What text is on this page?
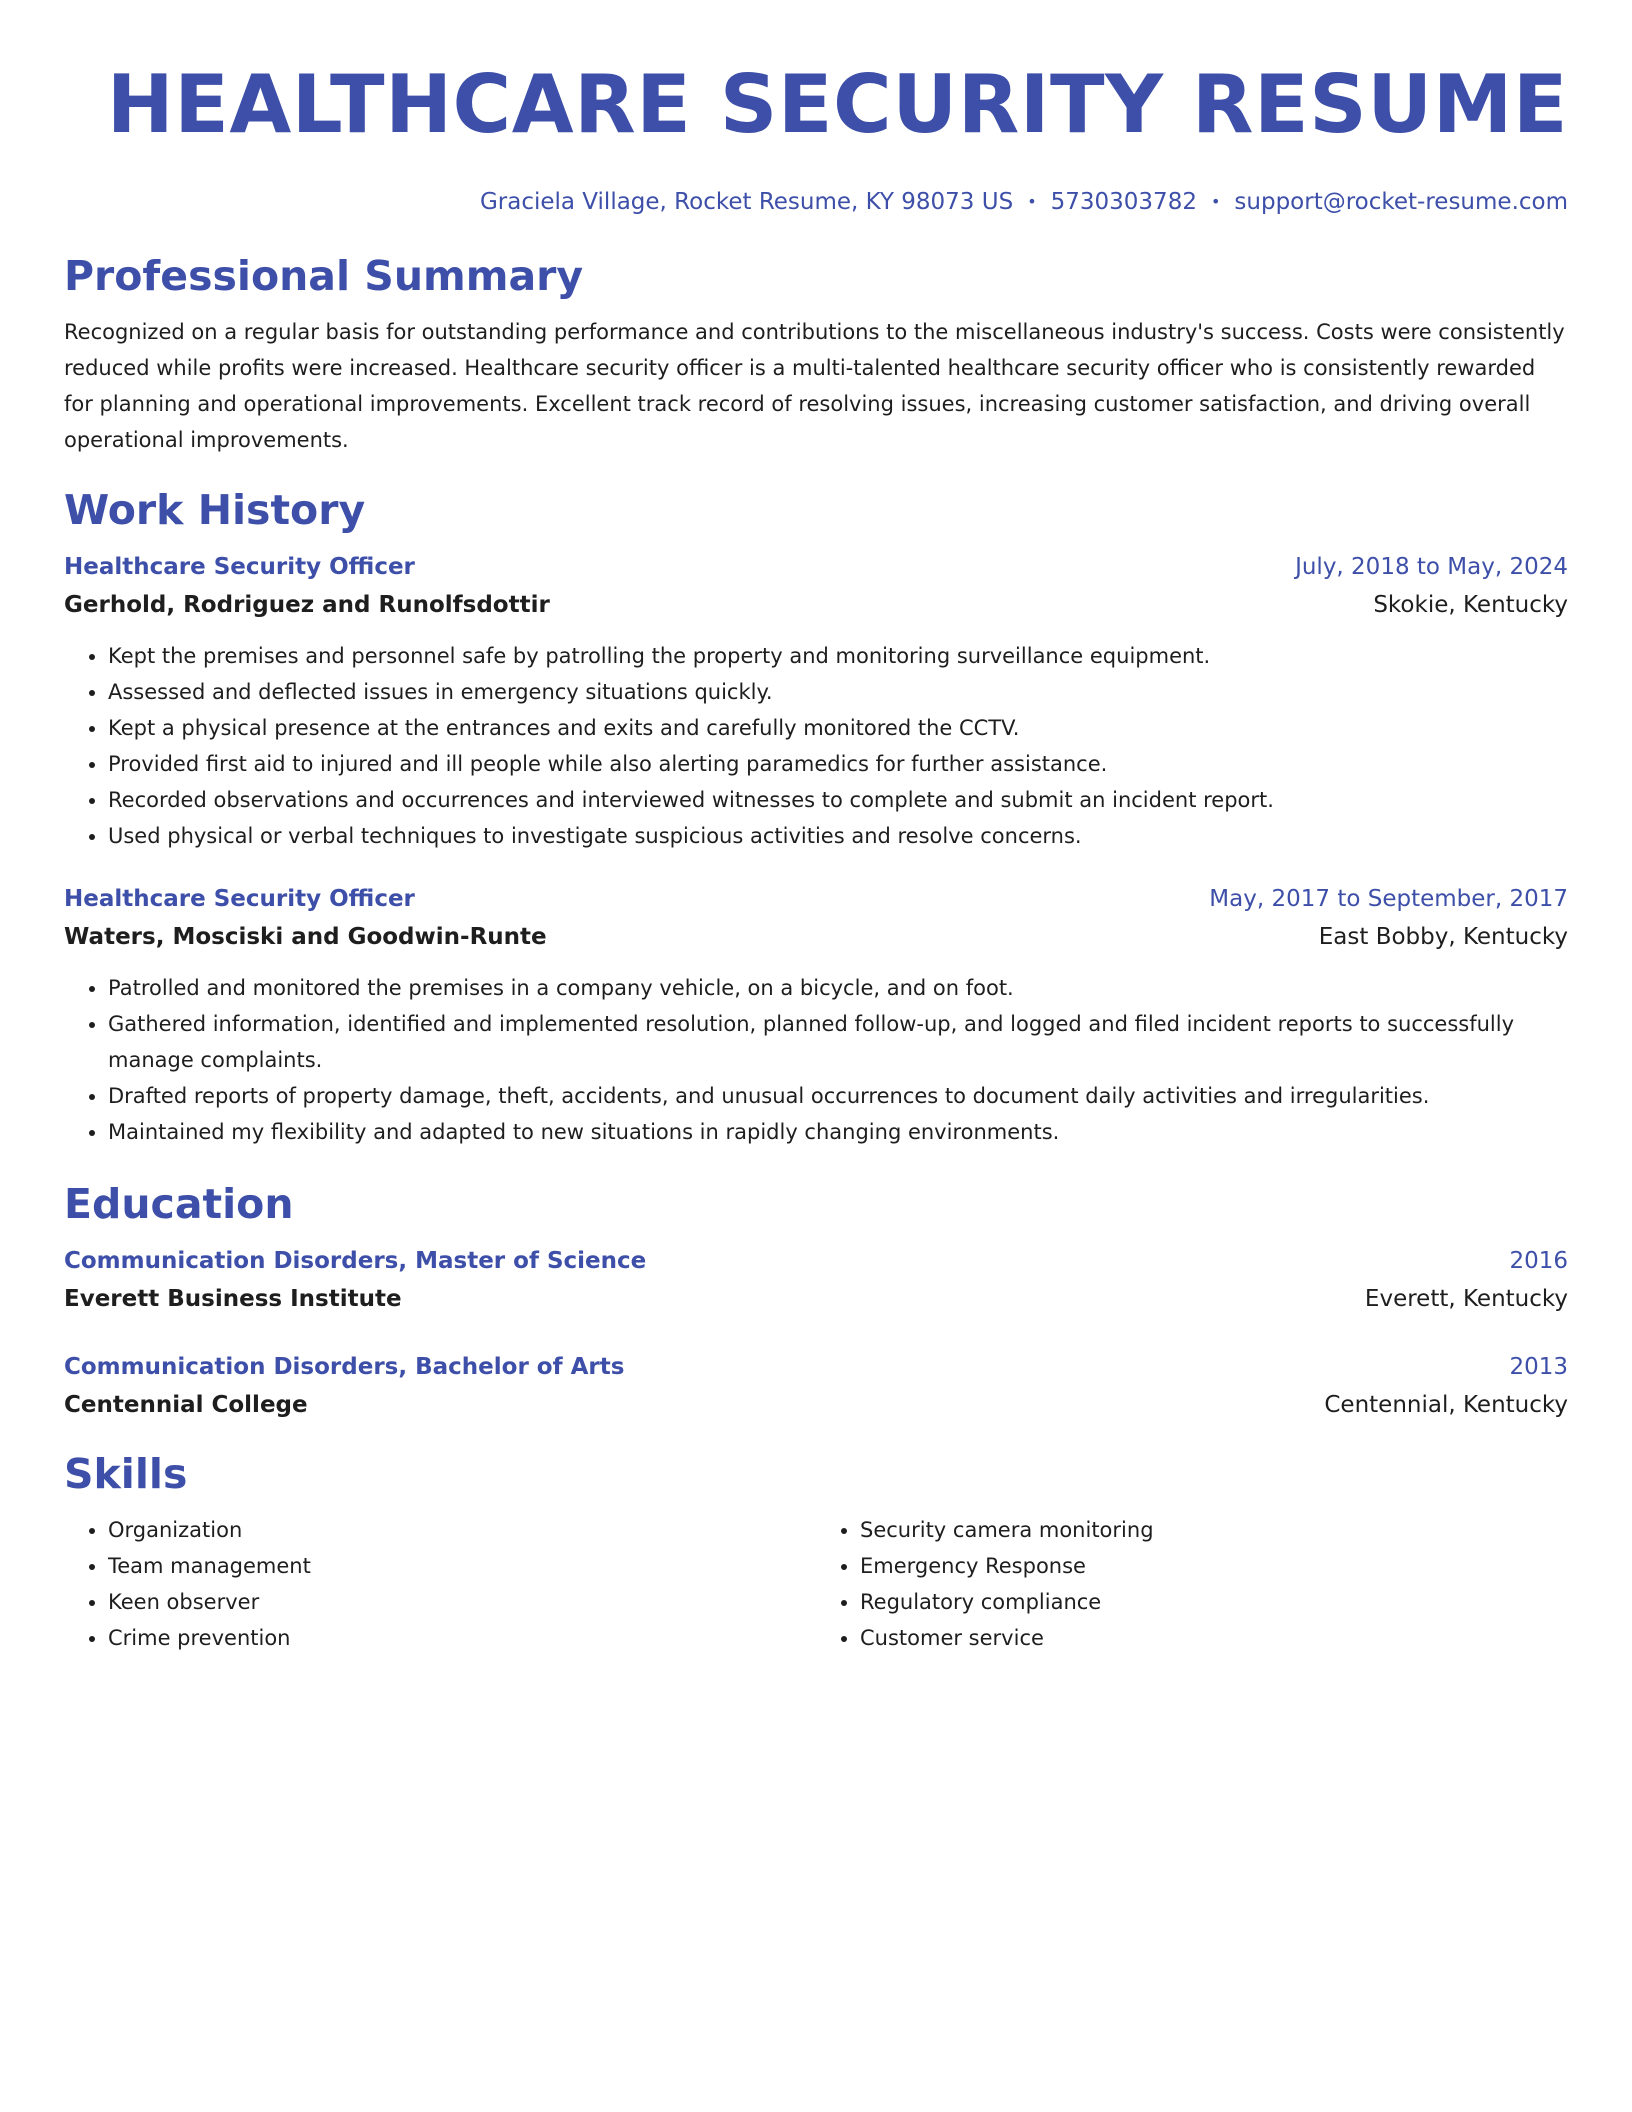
HEALTHCARE SECURITY RESUME
Graciela Village, Rocket Resume, KY 98073 US • 5730303782 • support@rocket-resume.com
Professional Summary
Recognized on a regular basis for outstanding performance and contributions to the miscellaneous industry's success. Costs were consistently reduced while profits were increased. Healthcare security officer is a multi-talented healthcare security officer who is consistently rewarded for planning and operational improvements. Excellent track record of resolving issues, increasing customer satisfaction, and driving overall operational improvements.
Work History
Healthcare Security Officer	July, 2018 to May, 2024
Gerhold, Rodriguez and Runolfsdottir	Skokie, Kentucky
• Kept the premises and personnel safe by patrolling the property and monitoring surveillance equipment.
• Assessed and deflected issues in emergency situations quickly.
• Kept a physical presence at the entrances and exits and carefully monitored the CCTV.
• Provided first aid to injured and ill people while also alerting paramedics for further assistance.
• Recorded observations and occurrences and interviewed witnesses to complete and submit an incident report.
• Used physical or verbal techniques to investigate suspicious activities and resolve concerns.
Healthcare Security Officer	May, 2017 to September, 2017
Waters, Mosciski and Goodwin-Runte	East Bobby, Kentucky
• Patrolled and monitored the premises in a company vehicle, on a bicycle, and on foot.
• Gathered information, identified and implemented resolution, planned follow-up, and logged and filed incident reports to successfully manage complaints.
• Drafted reports of property damage, theft, accidents, and unusual occurrences to document daily activities and irregularities.
• Maintained my flexibility and adapted to new situations in rapidly changing environments.
Education
Communication Disorders, Master of Science	2016
Everett Business Institute	Everett, Kentucky
Communication Disorders, Bachelor of Arts	2013
Centennial College	Centennial, Kentucky
Skills
• Organization
• Team management
• Keen observer
• Crime prevention
• Security camera monitoring
• Emergency Response
• Regulatory compliance
• Customer service
